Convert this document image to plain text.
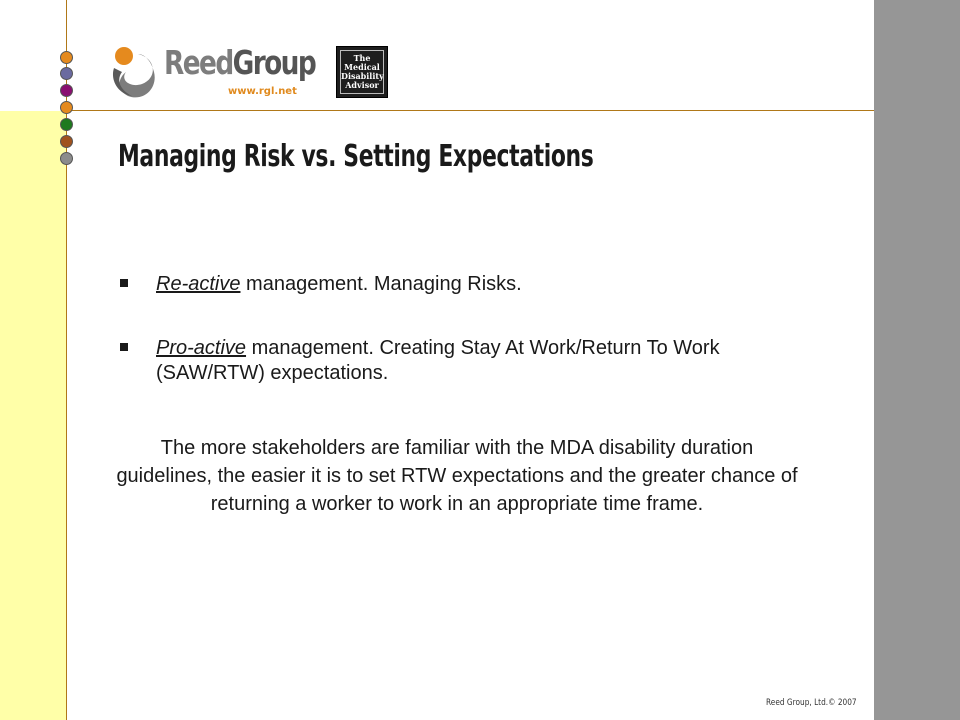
ReedGroup
www.rgl.net
The
Medical
Disability
Advisor
Managing Risk vs. Setting Expectations
Re-active management. Managing Risks.
Pro-active management. Creating Stay At Work/Return To Work (SAW/RTW) expectations.
The more stakeholders are familiar with the MDA disability duration guidelines, the easier it is to set RTW expectations and the greater chance of returning a worker to work in an appropriate time frame.
Reed Group, Ltd.© 2007
